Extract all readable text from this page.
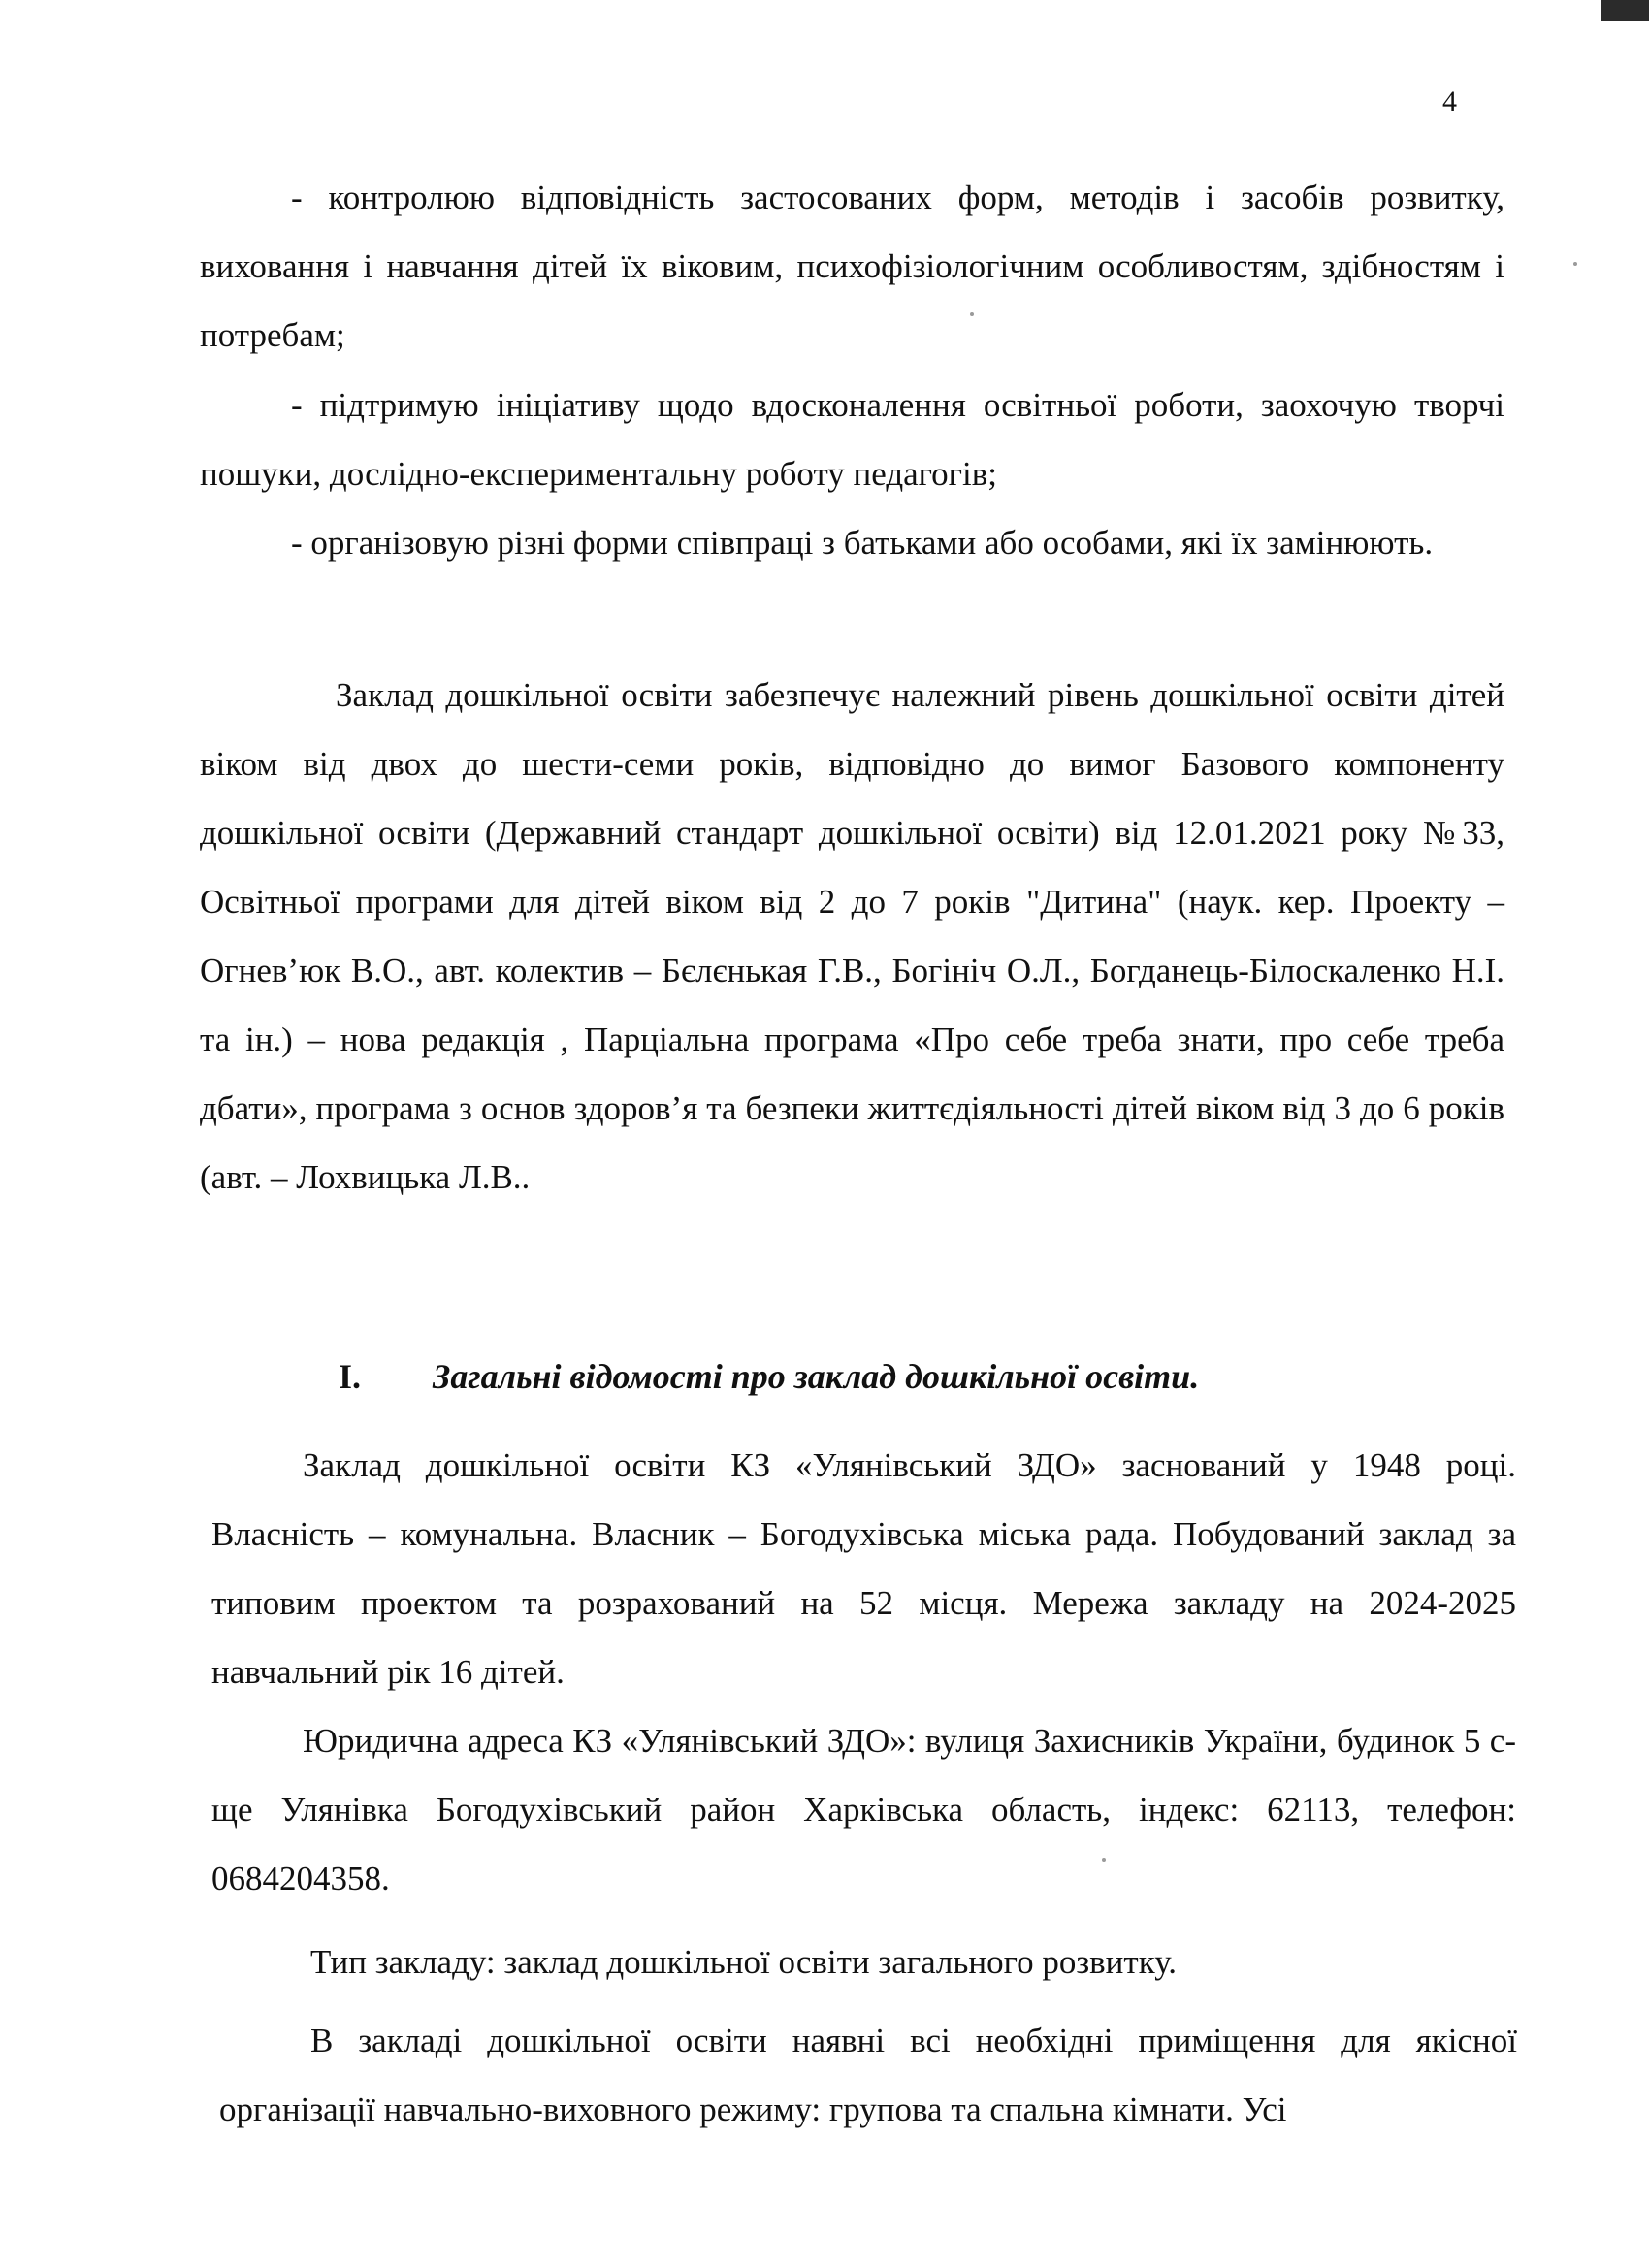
4

- контролюю відповідність застосованих форм, методів і засобів розвитку, виховання і навчання дітей їх віковим, психофізіологічним особливостям, здібностям і потребам;

- підтримую ініціативу щодо вдосконалення освітньої роботи, заохочую творчі пошуки, дослідно-експериментальну роботу педагогів;

- організовую різні форми співпраці з батьками або особами, які їх замінюють.

Заклад дошкільної освіти забезпечує належний рівень дошкільної освіти дітей віком від двох до шести-семи років, відповідно до вимог Базового компоненту дошкільної освіти (Державний стандарт дошкільної освіти) від 12.01.2021 року №33, Освітньої програми для дітей віком від 2 до 7 років "Дитина" (наук. кер. Проекту – Огнев’юк В.О., авт. колектив – Бєлєнькая Г.В., Богініч О.Л., Богданець-Білоскаленко Н.І. та ін.) – нова редакція , Парціальна програма «Про себе треба знати, про себе треба дбати», програма з основ здоров’я та безпеки життєдіяльності дітей віком від 3 до 6 років (авт. – Лохвицька Л.В..

I. Загальні відомості про заклад дошкільної освіти.

Заклад дошкільної освіти КЗ «Улянівський ЗДО» заснований у 1948 році. Власність – комунальна. Власник – Богодухівська міська рада. Побудований заклад за типовим проектом та розрахований на 52 місця. Мережа закладу на 2024-2025 навчальний рік 16 дітей.

Юридична адреса КЗ «Улянівський ЗДО»: вулиця Захисників України, будинок 5 с-ще Улянівка Богодухівський район Харківська область, індекс: 62113, телефон: 0684204358.

Тип закладу: заклад дошкільної освіти загального розвитку.

В закладі дошкільної освіти наявні всі необхідні приміщення для якісної організації навчально-виховного режиму: групова та спальна кімнати. Усі
